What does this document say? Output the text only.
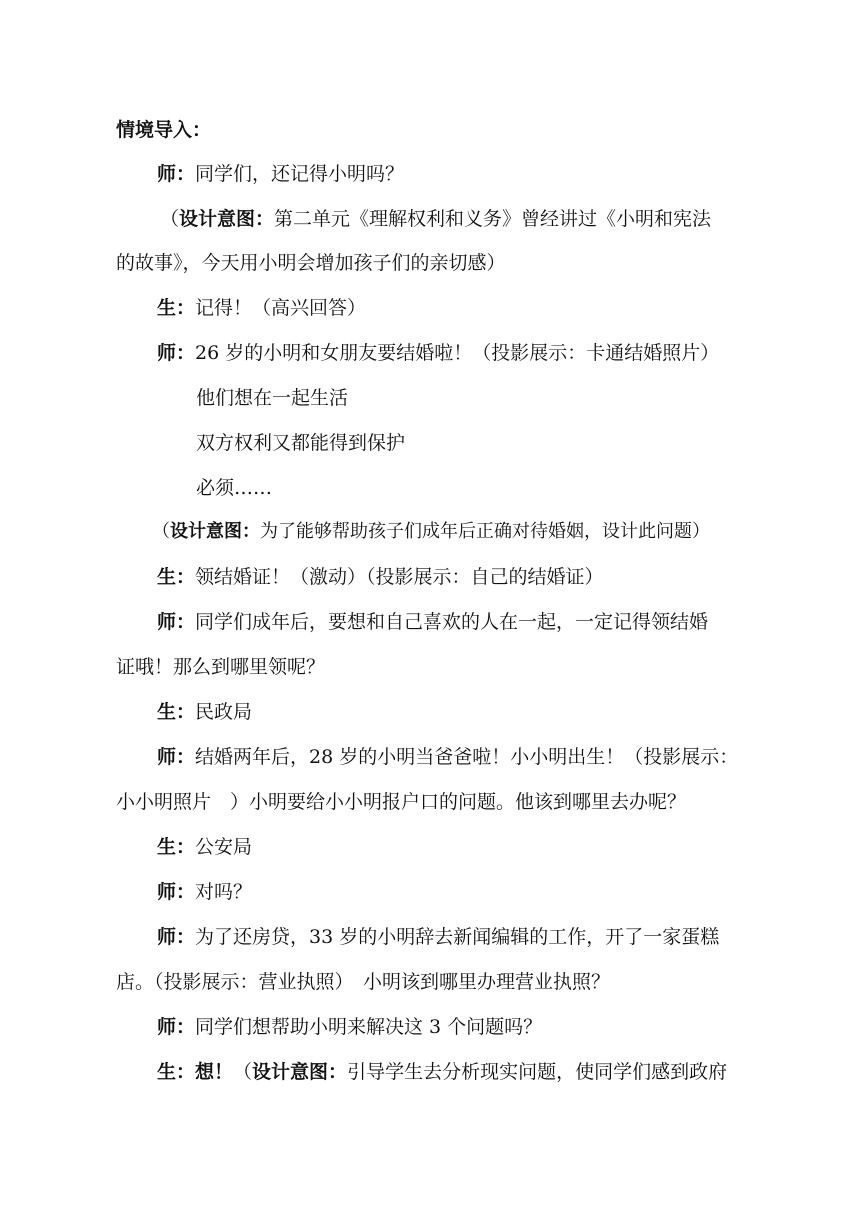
情境导入：
师：同学们，还记得小明吗？
（设计意图：第二单元《理解权利和义务》曾经讲过《小明和宪法
的故事》，今天用小明会增加孩子们的亲切感）
生：记得！（高兴回答）
师：26 岁的小明和女朋友要结婚啦！（投影展示：卡通结婚照片）
他们想在一起生活
双方权利又都能得到保护
必须……
（设计意图：为了能够帮助孩子们成年后正确对待婚姻，设计此问题）
生：领结婚证！（激动）（投影展示：自己的结婚证）
师：同学们成年后，要想和自己喜欢的人在一起，一定记得领结婚
证哦！那么到哪里领呢？
生：民政局
师：结婚两年后，28 岁的小明当爸爸啦！小小明出生！（投影展示：
小小明照片　）小明要给小小明报户口的问题。他该到哪里去办呢？
生：公安局
师：对吗？
师：为了还房贷，33 岁的小明辞去新闻编辑的工作，开了一家蛋糕
店。（投影展示：营业执照）　小明该到哪里办理营业执照？
师：同学们想帮助小明来解决这 3 个问题吗？
生：想！（设计意图：引导学生去分析现实问题，使同学们感到政府
